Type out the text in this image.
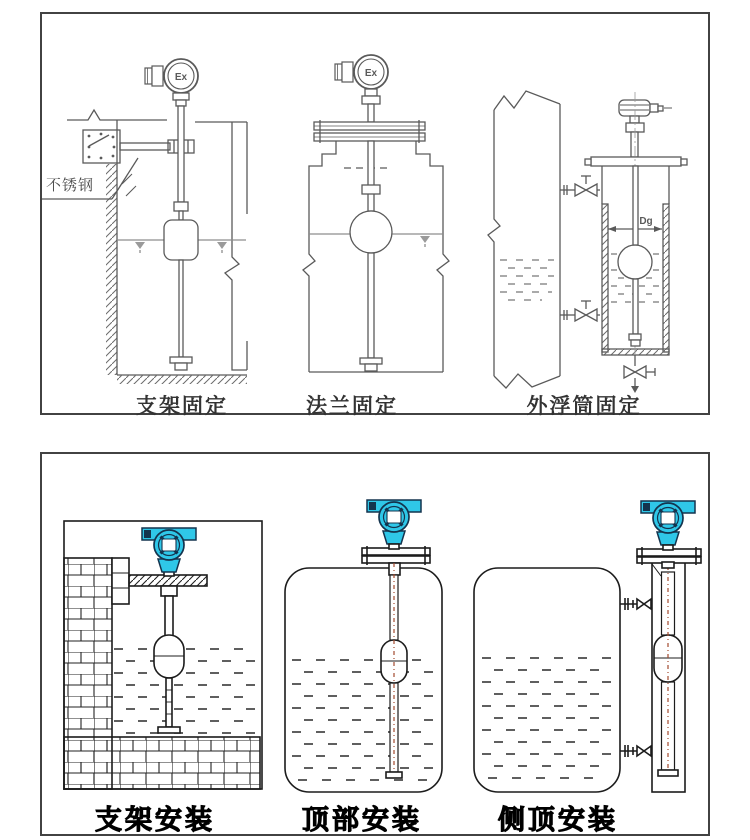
Ex	Ex
Dg
支架固定	法兰固定	外浮筒固定
不锈钢
支架安装	顶部安装	侧顶安装
